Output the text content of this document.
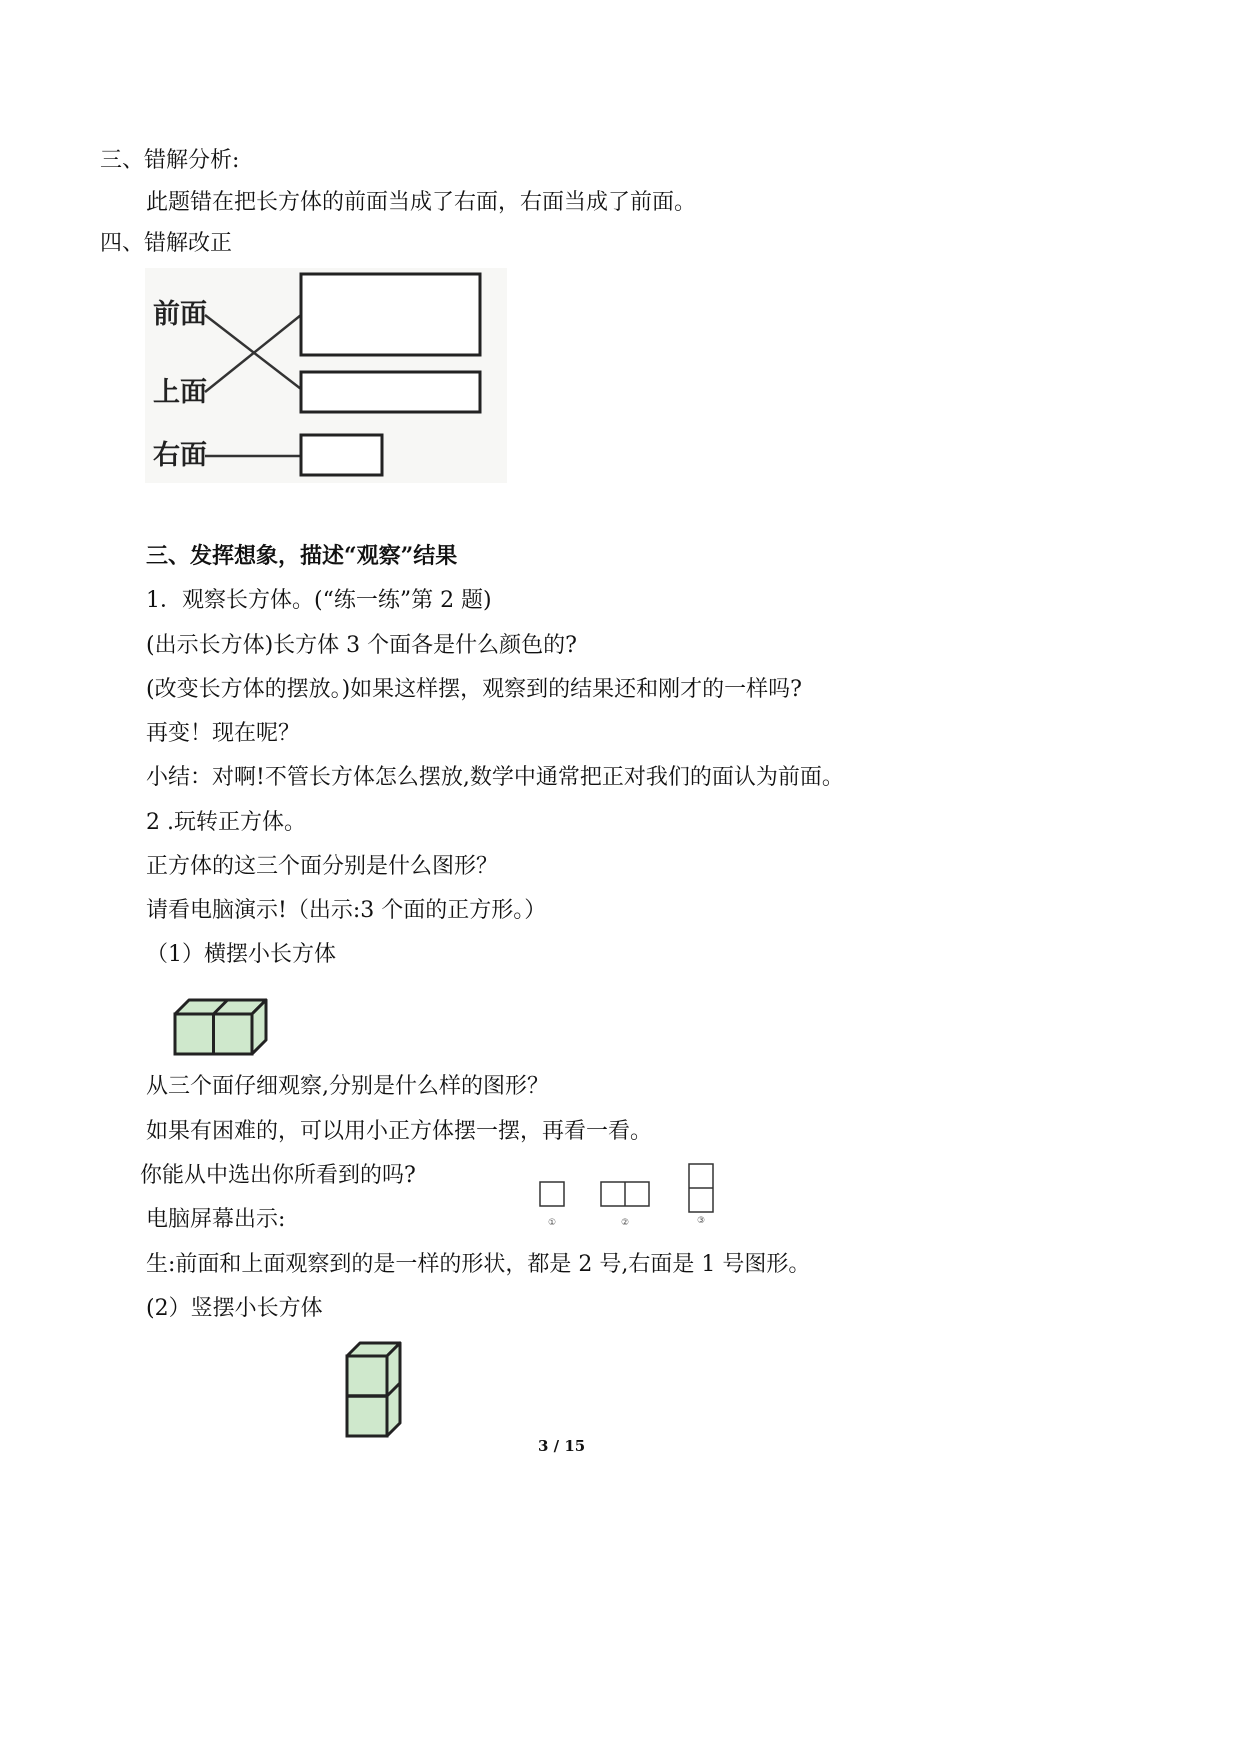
三、错解分析:
此题错在把长方体的前面当成了右面，右面当成了前面。
四、错解改正
前面
上面
右面
三、发挥想象，描述“观察”结果
1．观察长方体。(“练一练”第 2 题)
(出示长方体)长方体 3 个面各是什么颜色的?
(改变长方体的摆放。)如果这样摆，观察到的结果还和刚才的一样吗?
再变！现在呢？
小结：对啊!不管长方体怎么摆放,数学中通常把正对我们的面认为前面。
2 .玩转正方体。
正方体的这三个面分别是什么图形？
请看电脑演示!（出示:3 个面的正方形。）
（1）横摆小长方体
从三个面仔细观察,分别是什么样的图形？
如果有困难的，可以用小正方体摆一摆，再看一看。
你能从中选出你所看到的吗?
电脑屏幕出示:	①	②	③
生:前面和上面观察到的是一样的形状，都是 2 号,右面是 1 号图形。
(2）竖摆小长方体
3 / 15
